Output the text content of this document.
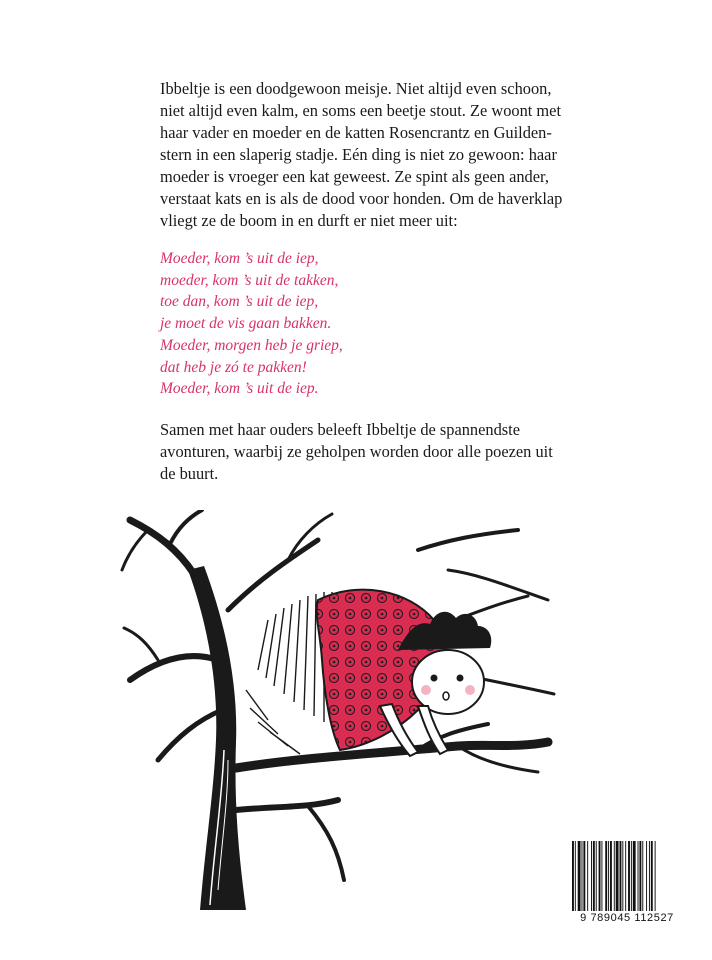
Ibbeltje is een doodgewoon meisje. Niet altijd even schoon,
niet altijd even kalm, en soms een beetje stout. Ze woont met
haar vader en moeder en de katten Rosencrantz en Guilden-
stern in een slaperig stadje. Eén ding is niet zo gewoon: haar
moeder is vroeger een kat geweest. Ze spint als geen ander,
verstaat kats en is als de dood voor honden. Om de haverklap
vliegt ze de boom in en durft er niet meer uit:

Moeder, kom ’s uit de iep,
moeder, kom ’s uit de takken,
toe dan, kom ’s uit de iep,
je moet de vis gaan bakken.
Moeder, morgen heb je griep,
dat heb je zó te pakken!
Moeder, kom ’s uit de iep.

Samen met haar ouders beleeft Ibbeltje de spannendste
avonturen, waarbij ze geholpen worden door alle poezen uit
de buurt.

9 789045 112527
